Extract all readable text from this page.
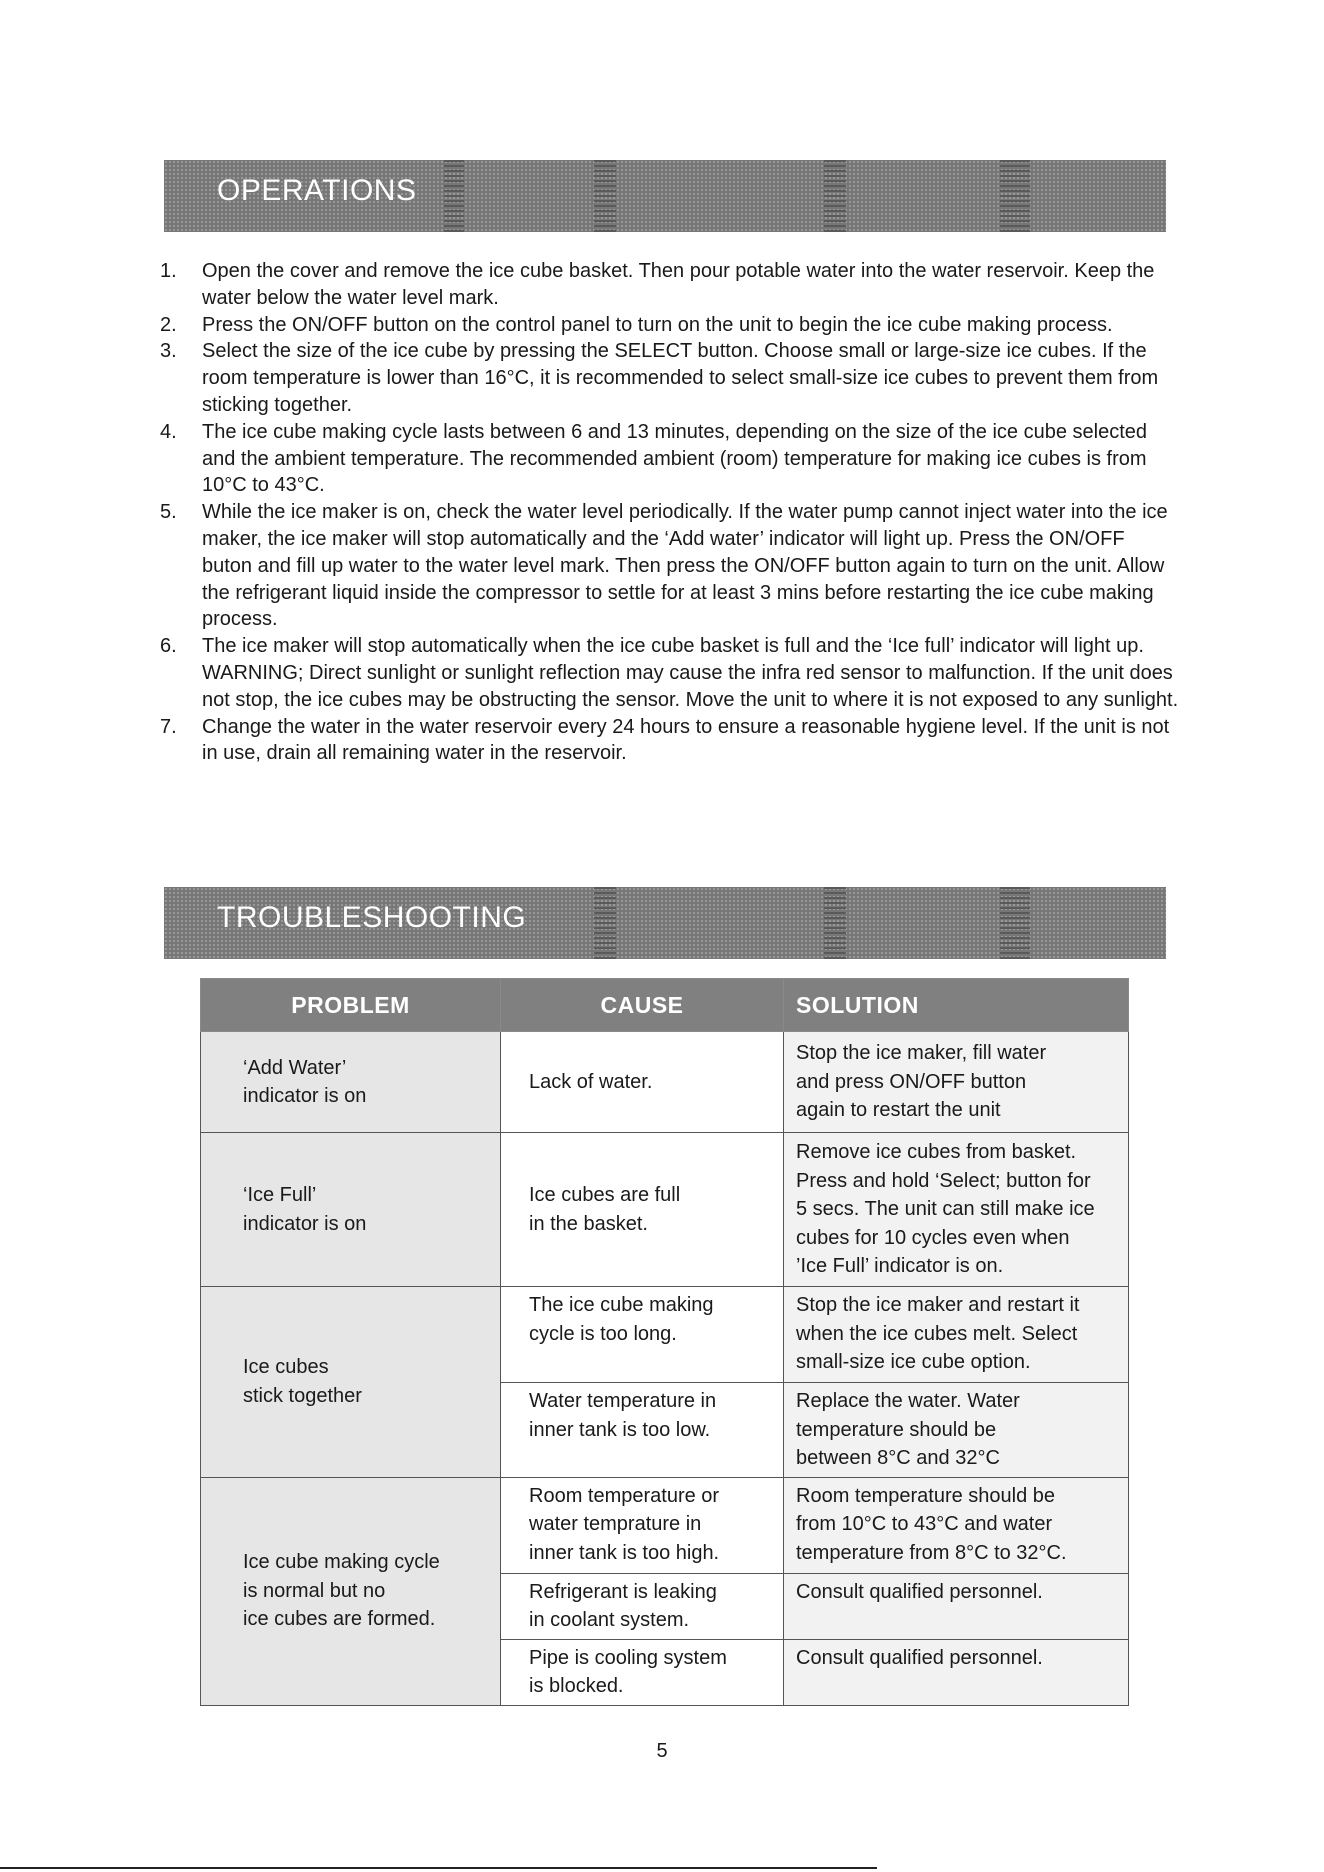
OPERATIONS
1. Open the cover and remove the ice cube basket. Then pour potable water into the water reservoir. Keep the water below the water level mark.
2. Press the ON/OFF button on the control panel to turn on the unit to begin the ice cube making process.
3. Select the size of the ice cube by pressing the SELECT button. Choose small or large-size ice cubes. If the room temperature is lower than 16°C, it is recommended to select small-size ice cubes to prevent them from sticking together.
4. The ice cube making cycle lasts between 6 and 13 minutes, depending on the size of the ice cube selected and the ambient temperature. The recommended ambient (room) temperature for making ice cubes is from 10°C to 43°C.
5. While the ice maker is on, check the water level periodically. If the water pump cannot inject water into the ice maker, the ice maker will stop automatically and the ‘Add water’ indicator will light up. Press the ON/OFF buton and fill up water to the water level mark. Then press the ON/OFF button again to turn on the unit. Allow the refrigerant liquid inside the compressor to settle for at least 3 mins before restarting the ice cube making process.
6. The ice maker will stop automatically when the ice cube basket is full and the ‘Ice full’ indicator will light up.
WARNING; Direct sunlight or sunlight reflection may cause the infra red sensor to malfunction. If the unit does not stop, the ice cubes may be obstructing the sensor. Move the unit to where it is not exposed to any sunlight.
7. Change the water in the water reservoir every 24 hours to ensure a reasonable hygiene level. If the unit is not in use, drain all remaining water in the reservoir.
TROUBLESHOOTING
PROBLEM	CAUSE	SOLUTION

‘Add Water’
indicator is on	Lack of water.	Stop the ice maker, fill water
and press ON/OFF button
again to restart the unit

‘Ice Full’
indicator is on	Ice cubes are full
in the basket.	Remove ice cubes from basket.
Press and hold ‘Select; button for
5 secs. The unit can still make ice
cubes for 10 cycles even when
’Ice Full’ indicator is on.

Ice cubes
stick together	The ice cube making
cycle is too long.	Stop the ice maker and restart it
when the ice cubes melt. Select
small-size ice cube option.

	Water temperature in
inner tank is too low.	Replace the water. Water
temperature should be
between 8°C and 32°C

Ice cube making cycle
is normal but no
ice cubes are formed.	Room temperature or
water temprature in
inner tank is too high.	Room temperature should be
from 10°C to 43°C and water
temperature from 8°C to 32°C.

	Refrigerant is leaking
in coolant system.	Consult qualified personnel.

	Pipe is cooling system
is blocked.	Consult qualified personnel.
5
